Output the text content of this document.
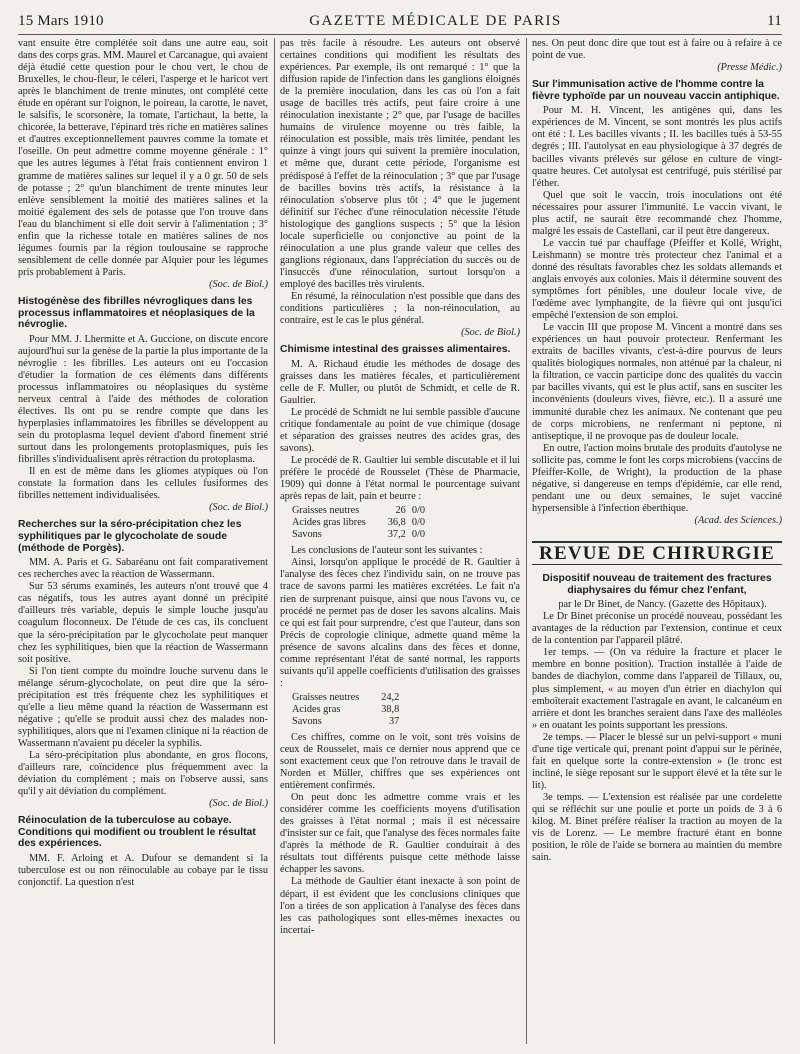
15 Mars 1910	GAZETTE MÉDICALE DE PARIS	11

vant ensuite être complétée soit dans une autre eau, soit dans des corps gras. MM. Maurel et Carcanague, qui avaient déjà étudié cette question pour le chou vert, le chou de Bruxelles, le chou-fleur, le céleri, l'asperge et le haricot vert après le blanchiment de trente minutes, ont complété cette étude en opérant sur l'oignon, le poireau, la carotte, le navet, le salsifis, le scorsonère, la tomate, l'artichaut, la bette, la chicorée, la betterave, l'épinard très riche en matières salines et d'autres exceptionnellement pauvres comme la tomate et l'oseille. On peut admettre comme moyenne générale : 1° que les autres légumes à l'état frais contiennent environ 1 gramme de matières salines sur lequel il y a 0 gr. 50 de sels de potasse ; 2° qu'un blanchiment de trente minutes leur enlève sensiblement la moitié des matières salines et la moitié également des sels de potasse que l'on trouve dans l'eau du blanchiment si elle doit servir à l'alimentation ; 3° enfin que la richesse totale en matières salines de nos légumes fournis par la région toulousaine se rapproche sensiblement de celle donnée par Alquier pour les légumes pris probablement à Paris.

(Soc. de Biol.)
Histogénèse des fibrilles névrogliques dans les processus inflammatoires et néoplasiques de la névroglie.

Pour MM. J. Lhermitte et A. Guccione, on discute encore aujourd'hui sur la genèse de la partie la plus importante de la névroglie : les fibrilles. Les auteurs ont eu l'occasion d'étudier la formation de ces éléments dans différents processus inflammatoires ou néoplasiques du système nerveux central à l'aide des méthodes de coloration électives. Ils ont pu se rendre compte que dans les hyperplasies inflammatoires les fibrilles se développent au sein du protoplasma lequel devient d'abord finement strié surtout dans les prolongements protoplasmiques, puis les fibrilles s'individualisent après rétraction du protoplasma.

Il en est de même dans les gliomes atypiques où l'on constate la formation dans les cellules fusiformes des fibrilles nettement individualisées.

(Soc. de Biol.)
Recherches sur la séro-précipitation chez les syphilitiques par le glycocholate de soude (méthode de Porgès).

MM. A. Paris et G. Sabaréanu ont fait comparativement ces recherches avec la réaction de Wassermann.

Sur 53 sérums examinés, les auteurs n'ont trouvé que 4 cas négatifs, tous les autres ayant donné un précipité d'ailleurs très variable, depuis le simple louche jusqu'au coagulum floconneux. De l'étude de ces cas, ils concluent que la séro-précipitation par le glycocholate peut manquer chez les syphilitiques, bien que la réaction de Wassermann soit positive.

Si l'on tient compte du moindre louche survenu dans le mélange sérum-glycocholate, on peut dire que la séro-précipitation est très fréquente chez les syphilitiques et qu'elle a lieu même quand la réaction de Wassermann est négative ; qu'elle se produit aussi chez des malades non-syphilitiques, alors que ni l'examen clinique ni la réaction de Wassermann n'avaient pu déceler la syphilis.

La séro-précipitation plus abondante, en gros flocons, d'ailleurs rare, coïncidence plus fréquemment avec la déviation du complément ; mais on l'observe aussi, sans qu'il y ait déviation du complément.

(Soc. de Biol.)
Réinoculation de la tuberculose au cobaye. Conditions qui modifient ou troublent le résultat des expériences.

MM. F. Arloing et A. Dufour se demandent si la tuberculose est ou non réinoculable au cobaye par le tissu conjonctif. La question n'est

pas très facile à résoudre. Les auteurs ont observé certaines conditions qui modifient les résultats des expériences. Par exemple, ils ont remarqué : 1° que la diffusion rapide de l'infection dans les ganglions éloignés de la première inoculation, dans les cas où l'on a fait usage de bacilles très actifs, peut faire croire à une réinoculation inexistante ; 2° que, par l'usage de bacilles humains de virulence moyenne ou très faible, la réinoculation est possible, mais très limitée, pendant les quinze à vingt jours qui suivent la première inoculation, et même que, durant cette période, l'organisme est prédisposé à l'effet de la réinoculation ; 3° que par l'usage de bacilles bovins très actifs, la résistance à la réinoculation s'observe plus tôt ; 4° que le jugement définitif sur l'échec d'une réinoculation nécessite l'étude histologique des ganglions suspects ; 5° que la lésion locale superficielle ou conjonctive au point de la réinoculation a une plus grande valeur que celles des ganglions régionaux, dans l'appréciation du succès ou de l'insuccès d'une réinoculation, surtout lorsqu'on a employé des bacilles très virulents.

En résumé, la réinoculation n'est possible que dans des conditions particulières ; la non-réinoculation, au contraire, est le cas le plus général.

(Soc. de Biol.)
Chimisme intestinal des graisses alimentaires.

M. A. Richaud étudie les méthodes de dosage des graisses dans les matières fécales, et particulièrement celle de F. Muller, ou plutôt de Schmidt, et celle de R. Gaultier.

Le procédé de Schmidt ne lui semble passible d'aucune critique fondamentale au point de vue chimique (dosage et séparation des graisses neutres des acides gras, des savons).

Le procédé de R. Gaultier lui semble discutable et il lui préfère le procédé de Rousselet (Thèse de Pharmacie, 1909) qui donne à l'état normal le pourcentage suivant après repas de lait, pain et beurre :

Graisses neutres	26	0/0
Acides gras libres	36,8	0/0
Savons	37,2	0/0

Les conclusions de l'auteur sont les suivantes :

Ainsi, lorsqu'on applique le procédé de R. Gaultier à l'analyse des fèces chez l'individu sain, on ne trouve pas trace de savons parmi les matières excrétées. Le fait n'a rien de surprenant puisque, ainsi que nous l'avons vu, ce procédé ne permet pas de doser les savons alcalins. Mais ce qui est fait pour surprendre, c'est que l'auteur, dans son Précis de coprologie clinique, admette quand même la présence de savons alcalins dans des fèces et donne, comme représentant l'état de santé normal, les rapports suivants qu'il appelle coefficients d'utilisation des graisses :

Graisses neutres	24,2
Acides gras	38,8
Savons	37

Ces chiffres, comme on le voit, sont très voisins de ceux de Rousselet, mais ce dernier nous apprend que ce sont exactement ceux que l'on retrouve dans le travail de Norden et Müller, chiffres que ses expériences ont entièrement confirmés.

On peut donc les admettre comme vrais et les considérer comme les coefficients moyens d'utilisation des graisses à l'état normal ; mais il est nécessaire d'insister sur ce fait, que l'analyse des fèces normales faite d'après la méthode de R. Gaultier conduirait à des résultats tout différents puisque cette méthode laisse échapper les savons.

La méthode de Gaultier étant inexacte à son point de départ, il est évident que les conclusions cliniques que l'on a tirées de son application à l'analyse des fèces dans les cas pathologiques sont elles-mêmes inexactes ou incertai-

nes. On peut donc dire que tout est à faire ou à refaire à ce point de vue.

(Presse Médic.)
Sur l'immunisation active de l'homme contre la fièvre typhoïde par un nouveau vaccin antiphique.

Pour M. H. Vincent, les antigènes qui, dans les expériences de M. Vincent, se sont montrés les plus actifs ont été : I. Les bacilles vivants ; II. les bacilles tués à 53-55 degrés ; III. l'autolysat en eau physiologique à 37 degrés de bacilles vivants prélevés sur gélose en culture de vingt-quatre heures. Cet autolysat est centrifugé, puis stérilisé par l'éther.

Quel que soit le vaccin, trois inoculations ont été nécessaires pour assurer l'immunité. Le vaccin vivant, le plus actif, ne saurait être recommandé chez l'homme, malgré les essais de Castellani, car il peut être dangereux.

Le vaccin tué par chauffage (Pfeiffer et Kollé, Wright, Leishmann) se montre très protecteur chez l'animal et a donné des résultats favorables chez les soldats allemands et anglais envoyés aux colonies. Mais il détermine souvent des symptômes fort pénibles, une douleur locale vive, de l'œdème avec lymphangite, de la fièvre qui ont jusqu'ici empêché l'extension de son emploi.

Le vaccin III que propose M. Vincent a montré dans ses expériences un haut pouvoir protecteur. Renfermant les extraits de bacilles vivants, c'est-à-dire pourvus de leurs qualités biologiques normales, non atténué par la chaleur, ni la filtration, ce vaccin participe donc des qualités du vaccin par bacilles vivants, qui est le plus actif, sans en susciter les inconvénients (douleurs vives, fièvre, etc.). Il a assuré une immunité durable chez les animaux. Ne contenant que peu de corps microbiens, ne renfermant ni peptone, ni antiseptique, il ne provoque pas de douleur locale.

En outre, l'action moins brutale des produits d'autolyse ne sollicite pas, comme le font les corps microbiens (vaccins de Pfeiffer-Kolle, de Wright), la production de la phase négative, si dangereuse en temps d'épidémie, car elle rend, pendant une ou deux semaines, le sujet vacciné hypersensible à l'infection éberthique.

(Acad. des Sciences.)
REVUE DE CHIRURGIE
Dispositif nouveau de traitement des fractures diaphysaires du fémur chez l'enfant,

par le Dr Binet, de Nancy. (Gazette des Hôpitaux).

Le Dr Binet préconise un procédé nouveau, possédant les avantages de la réduction par l'extension, continue et ceux de la contention par l'appareil plâtré.

1er temps. — (On va réduire la fracture et placer le membre en bonne position). Traction installée à l'aide de bandes de diachylon, comme dans l'appareil de Tillaux, ou, plus simplement, « au moyen d'un étrier en diachylon qui emboîterait exactement l'astragale en avant, le calcanéum en arrière et dont les branches seraient dans l'axe des malléoles » en ouatant les points supportant les pressions.

2e temps. — Placer le blessé sur un pelvi-support « muni d'une tige verticale qui, prenant point d'appui sur le périnée, fait en quelque sorte la contre-extension » (le tronc est incliné, le siège reposant sur le support élevé et la tête sur le lit).

3e temps. — L'extension est réalisée par une cordelette qui se réfléchit sur une poulie et porte un poids de 3 à 6 kilog. M. Binet préfère réaliser la traction au moyen de la vis de Lorenz. — Le membre fracturé étant en bonne position, le rôle de l'aide se bornera au maintien du membre sain.
